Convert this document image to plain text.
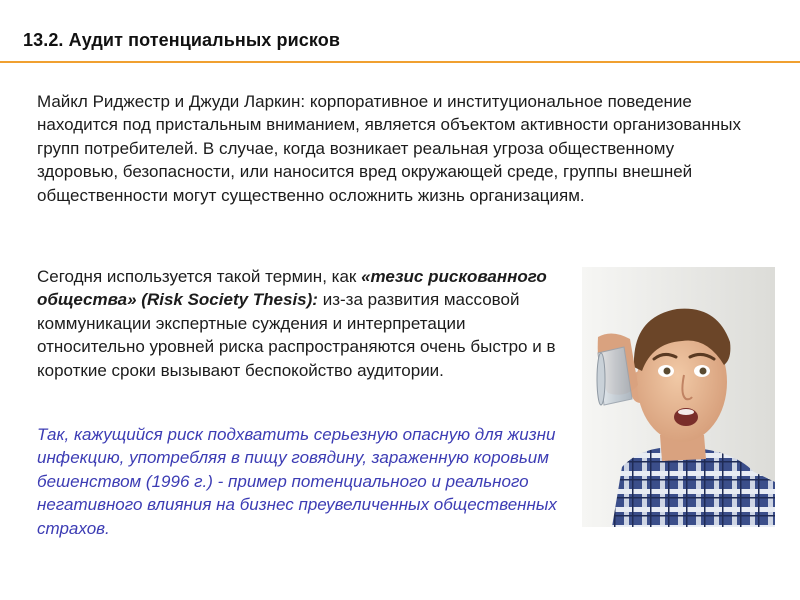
13.2. Аудит потенциальных рисков

Майкл Риджестр и Джуди Ларкин: корпоративное и институциональное поведение находится под пристальным вниманием, является объектом активности организованных групп потребителей. В случае, когда возникает реальная угроза общественному здоровью, безопасности, или наносится вред окружающей среде, группы внешней общественности могут существенно осложнить жизнь организациям.

Сегодня используется такой термин, как «тезис рискованного общества» (Risk Society Thesis): из-за развития массовой коммуникации экспертные суждения и интерпретации относительно уровней риска распространяются очень быстро и в короткие сроки вызывают беспокойство аудитории.

Так, кажущийся риск подхватить серьезную опасную для жизни инфекцию, употребляя в пищу говядину, зараженную коровьим бешенством (1996 г.) - пример потенциального и реального негативного влияния на бизнес преувеличенных общественных страхов.
